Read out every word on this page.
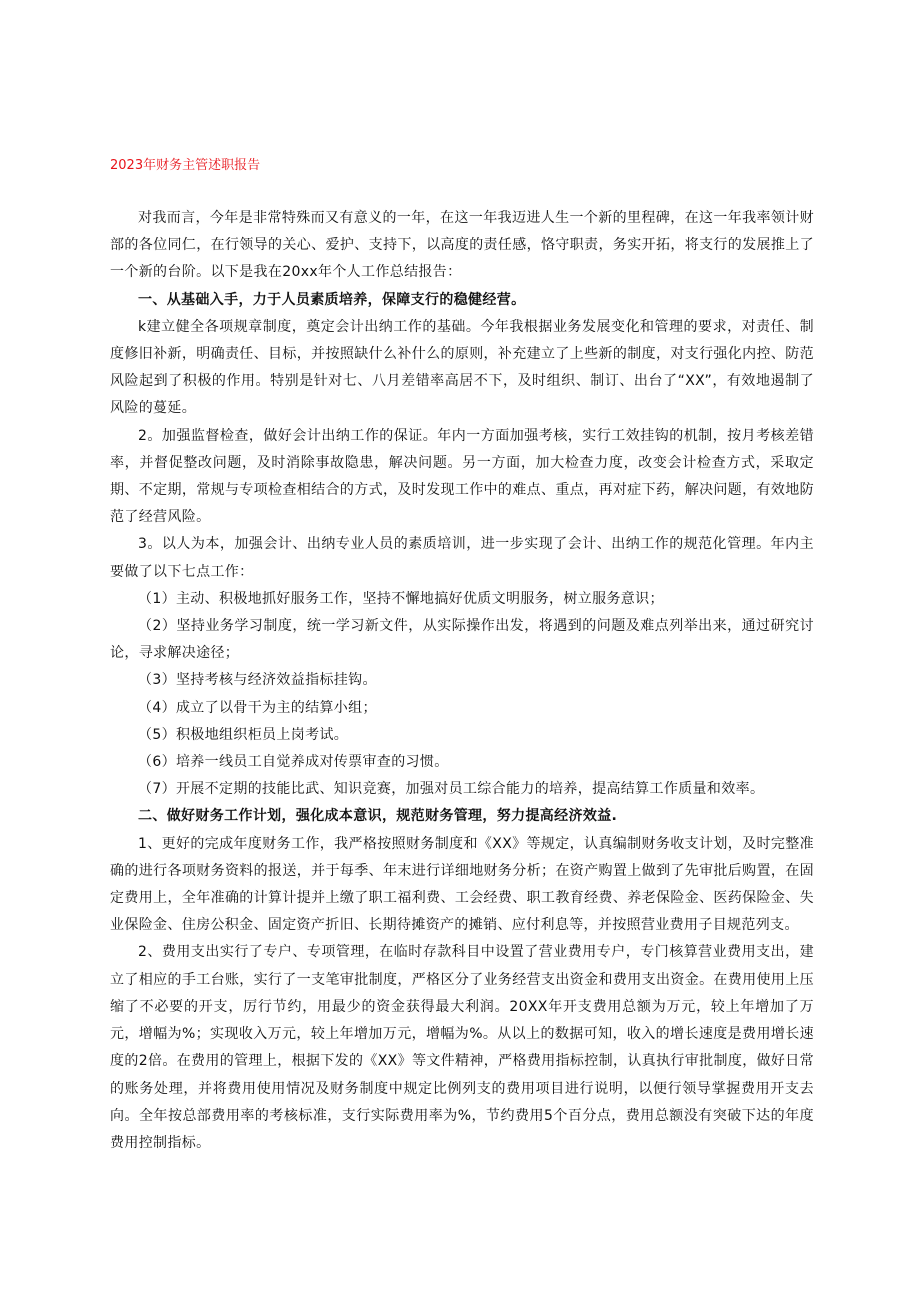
2023年财务主管述职报告

对我而言，今年是非常特殊而又有意义的一年，在这一年我迈进人生一个新的里程碑，在这一年我率领计财部的各位同仁，在行领导的关心、爱护、支持下，以高度的责任感，恪守职责，务实开拓，将支行的发展推上了一个新的台阶。以下是我在20xx年个人工作总结报告：

一、从基础入手，力于人员素质培养，保障支行的稳健经营。

k建立健全各项规章制度，奠定会计出纳工作的基础。今年我根据业务发展变化和管理的要求，对责任、制度修旧补新，明确责任、目标，并按照缺什么补什么的原则，补充建立了上些新的制度，对支行强化内控、防范风险起到了积极的作用。特别是针对七、八月差错率高居不下，及时组织、制订、出台了“XX”，有效地遏制了风险的蔓延。

2。加强监督检查，做好会计出纳工作的保证。年内一方面加强考核，实行工效挂钩的机制，按月考核差错率，并督促整改问题，及时消除事故隐患，解决问题。另一方面，加大检查力度，改变会计检查方式，采取定期、不定期，常规与专项检查相结合的方式，及时发现工作中的难点、重点，再对症下药，解决问题，有效地防范了经营风险。

3。以人为本，加强会计、出纳专业人员的素质培训，进一步实现了会计、出纳工作的规范化管理。年内主要做了以下七点工作：

（1）主动、积极地抓好服务工作，坚持不懈地搞好优质文明服务，树立服务意识；

（2）坚持业务学习制度，统一学习新文件，从实际操作出发，将遇到的问题及难点列举出来，通过研究讨论，寻求解决途径；

（3）坚持考核与经济效益指标挂钩。

（4）成立了以骨干为主的结算小组；

（5）积极地组织柜员上岗考试。

（6）培养一线员工自觉养成对传票审查的习惯。

（7）开展不定期的技能比武、知识竞赛，加强对员工综合能力的培养，提高结算工作质量和效率。

二、做好财务工作计划，强化成本意识，规范财务管理，努力提高经济效益.

1、更好的完成年度财务工作，我严格按照财务制度和《XX》等规定，认真编制财务收支计划，及时完整准确的进行各项财务资料的报送，并于每季、年末进行详细地财务分析；在资产购置上做到了先审批后购置，在固定费用上，全年准确的计算计提并上缴了职工福利费、工会经费、职工教育经费、养老保险金、医药保险金、失业保险金、住房公积金、固定资产折旧、长期待摊资产的摊销、应付利息等，并按照营业费用子目规范列支。

2、费用支出实行了专户、专项管理，在临时存款科目中设置了营业费用专户，专门核算营业费用支出，建立了相应的手工台账，实行了一支笔审批制度，严格区分了业务经营支出资金和费用支出资金。在费用使用上压缩了不必要的开支，厉行节约，用最少的资金获得最大利润。20XX年开支费用总额为万元，较上年增加了万元，增幅为%；实现收入万元，较上年增加万元，增幅为%。从以上的数据可知，收入的增长速度是费用增长速度的2倍。在费用的管理上，根据下发的《XX》等文件精神，严格费用指标控制，认真执行审批制度，做好日常的账务处理，并将费用使用情况及财务制度中规定比例列支的费用项目进行说明，以便行领导掌握费用开支去向。全年按总部费用率的考核标准，支行实际费用率为%，节约费用5个百分点，费用总额没有突破下达的年度费用控制指标。
